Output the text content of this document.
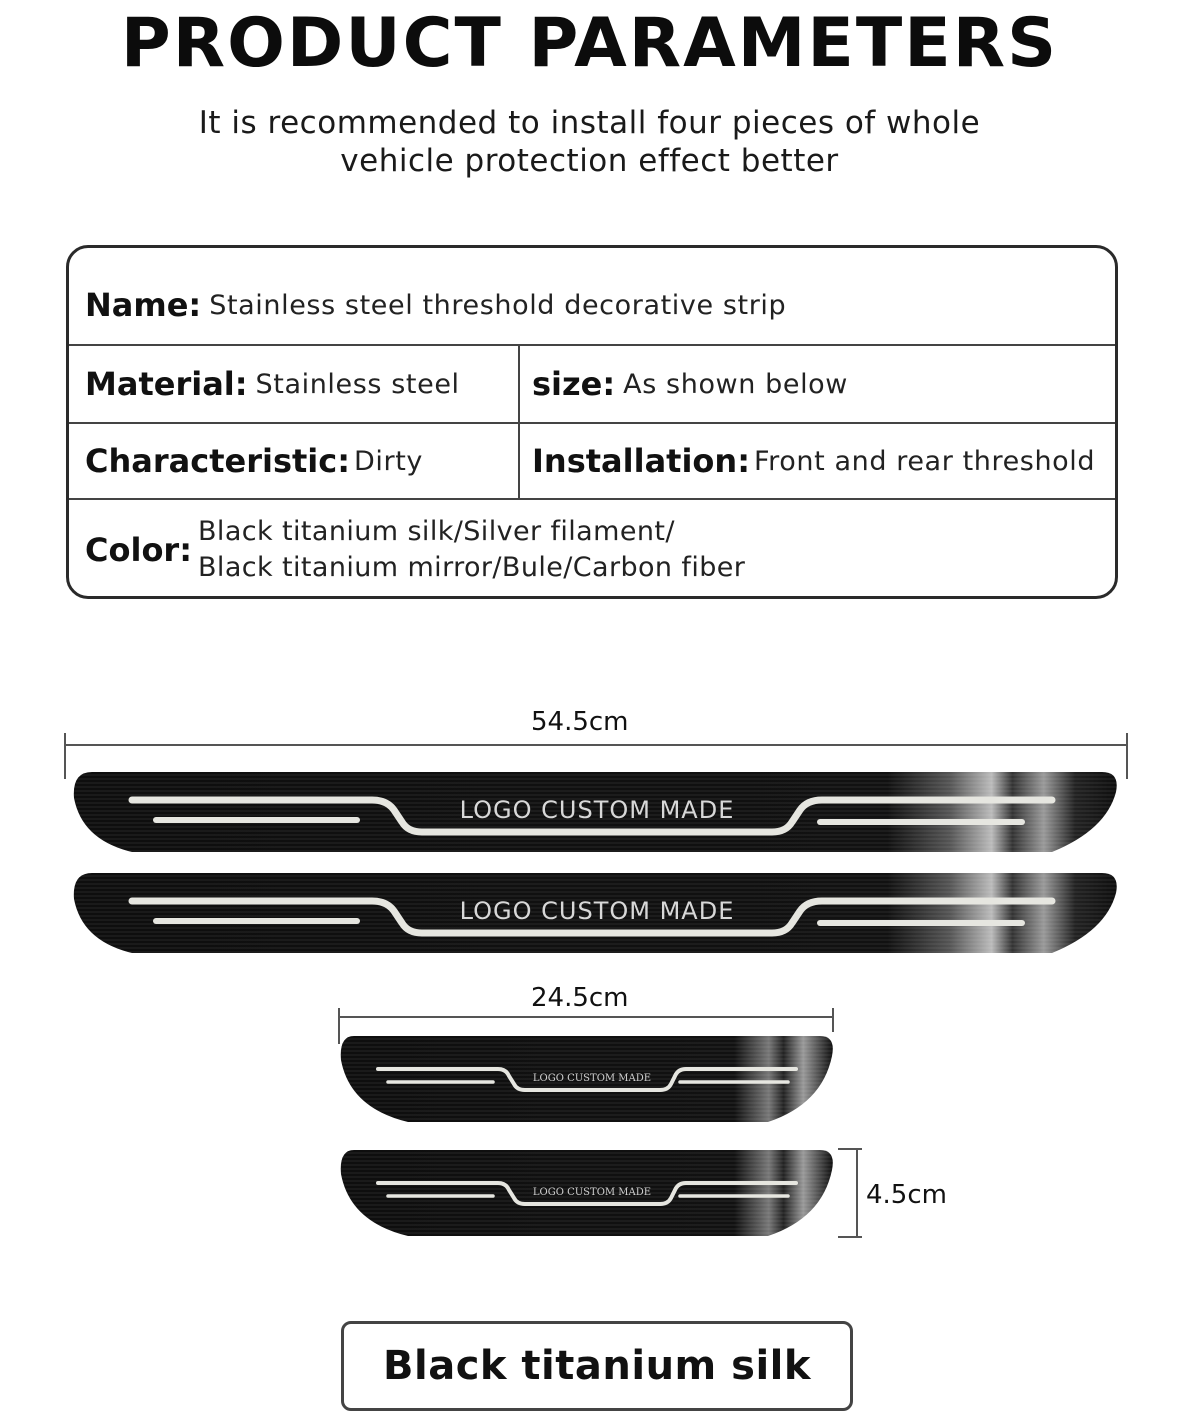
PRODUCT PARAMETERS
It is recommended to install four pieces of whole
vehicle protection effect better
Name: Stainless steel threshold decorative strip
Material: Stainless steel size: As shown below
Characteristic: Dirty	Installation: Front and rear threshold
Color: Black titanium silk/Silver filament/
Black titanium mirror/Bule/Carbon fiber
54.5cm
LOGO CUSTOM MADE
LOGO CUSTOM MADE
24.5cm
LOGO CUSTOM MADE
LOGO CUSTOM MADE	4.5cm
Black titanium silk
